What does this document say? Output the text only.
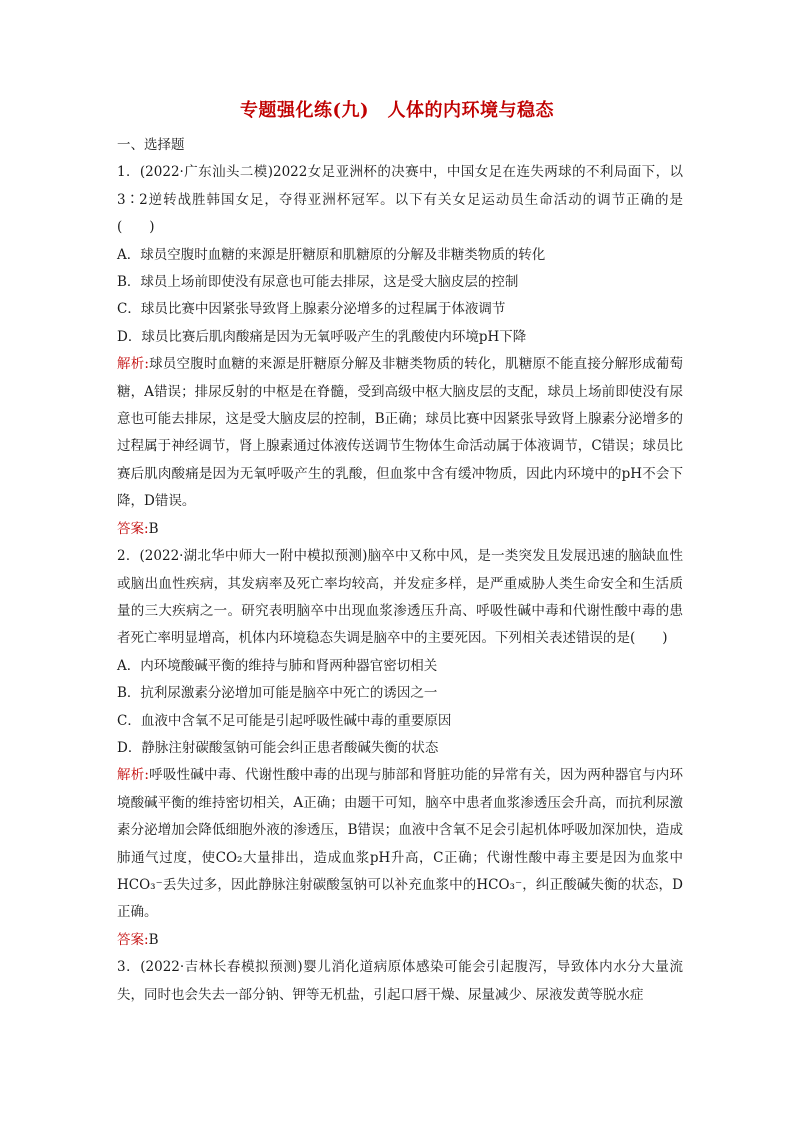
专题强化练(九)　人体的内环境与稳态

一、选择题

1．(2022·广东汕头二模)2022女足亚洲杯的决赛中，中国女足在连失两球的不利局面下，以3∶2逆转战胜韩国女足，夺得亚洲杯冠军。以下有关女足运动员生命活动的调节正确的是(　　)

A．球员空腹时血糖的来源是肝糖原和肌糖原的分解及非糖类物质的转化

B．球员上场前即使没有尿意也可能去排尿，这是受大脑皮层的控制

C．球员比赛中因紧张导致肾上腺素分泌增多的过程属于体液调节

D．球员比赛后肌肉酸痛是因为无氧呼吸产生的乳酸使内环境pH下降

解析:球员空腹时血糖的来源是肝糖原分解及非糖类物质的转化，肌糖原不能直接分解形成葡萄糖，A错误；排尿反射的中枢是在脊髓，受到高级中枢大脑皮层的支配，球员上场前即使没有尿意也可能去排尿，这是受大脑皮层的控制，B正确；球员比赛中因紧张导致肾上腺素分泌增多的过程属于神经调节，肾上腺素通过体液传送调节生物体生命活动属于体液调节，C错误；球员比赛后肌肉酸痛是因为无氧呼吸产生的乳酸，但血浆中含有缓冲物质，因此内环境中的pH不会下降，D错误。

答案:B

2．(2022·湖北华中师大一附中模拟预测)脑卒中又称中风，是一类突发且发展迅速的脑缺血性或脑出血性疾病，其发病率及死亡率均较高，并发症多样，是严重威胁人类生命安全和生活质量的三大疾病之一。研究表明脑卒中出现血浆渗透压升高、呼吸性碱中毒和代谢性酸中毒的患者死亡率明显增高，机体内环境稳态失调是脑卒中的主要死因。下列相关表述错误的是(　　)

A．内环境酸碱平衡的维持与肺和肾两种器官密切相关

B．抗利尿激素分泌增加可能是脑卒中死亡的诱因之一

C．血液中含氧不足可能是引起呼吸性碱中毒的重要原因

D．静脉注射碳酸氢钠可能会纠正患者酸碱失衡的状态

解析:呼吸性碱中毒、代谢性酸中毒的出现与肺部和肾脏功能的异常有关，因为两种器官与内环境酸碱平衡的维持密切相关，A正确；由题干可知，脑卒中患者血浆渗透压会升高，而抗利尿激素分泌增加会降低细胞外液的渗透压，B错误；血液中含氧不足会引起机体呼吸加深加快，造成肺通气过度，使CO₂大量排出，造成血浆pH升高，C正确；代谢性酸中毒主要是因为血浆中HCO₃⁻丢失过多，因此静脉注射碳酸氢钠可以补充血浆中的HCO₃⁻，纠正酸碱失衡的状态，D正确。

答案:B

3．(2022·吉林长春模拟预测)婴儿消化道病原体感染可能会引起腹泻，导致体内水分大量流失，同时也会失去一部分钠、钾等无机盐，引起口唇干燥、尿量减少、尿液发黄等脱水症
